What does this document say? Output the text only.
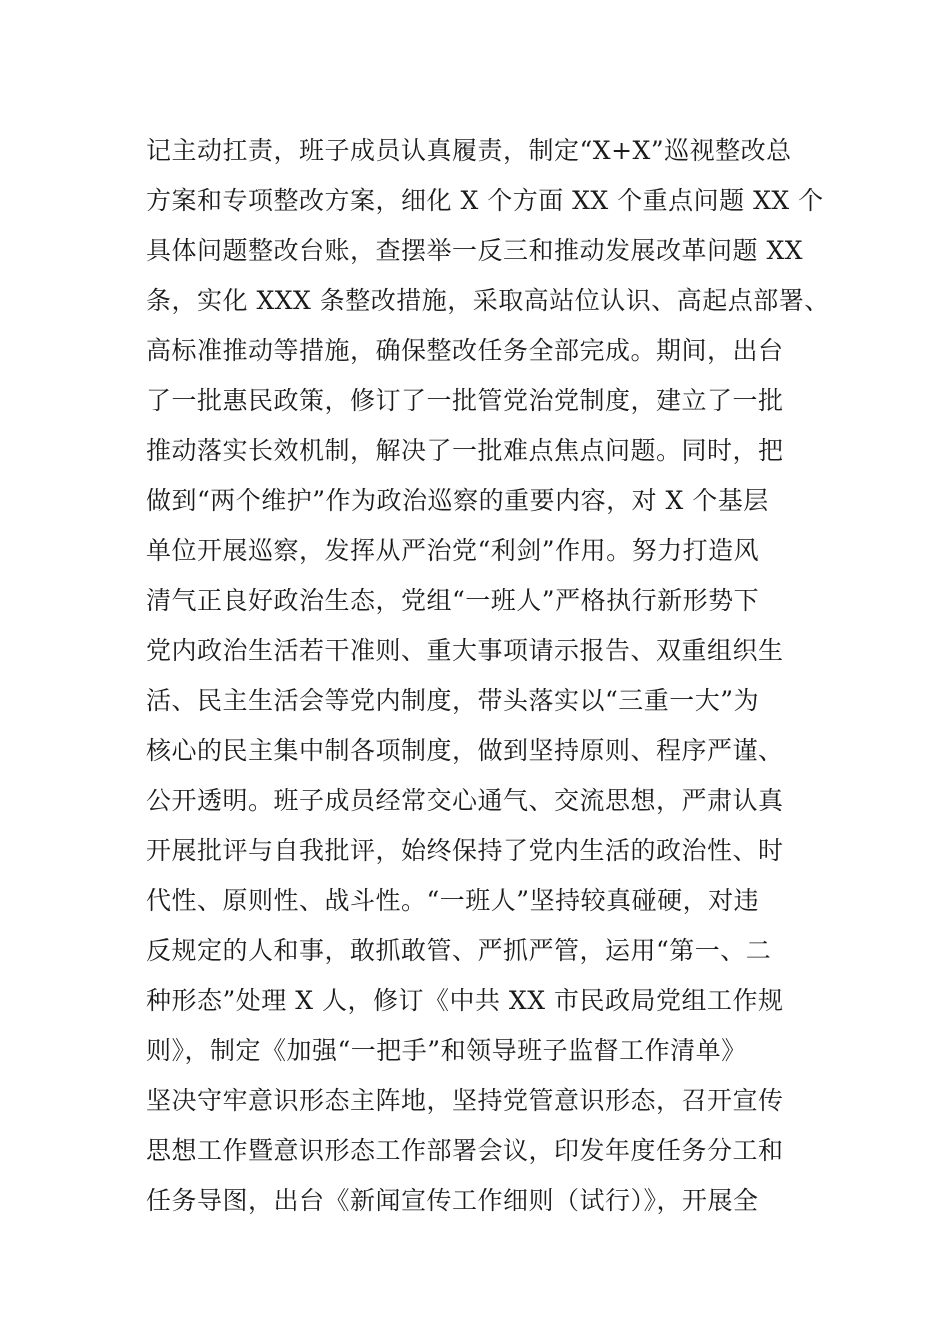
记主动扛责，班子成员认真履责，制定“X+X”巡视整改总
方案和专项整改方案，细化 X 个方面 XX 个重点问题 XX 个
具体问题整改台账，查摆举一反三和推动发展改革问题 XX
条，实化 XXX 条整改措施，采取高站位认识、高起点部署、
高标准推动等措施，确保整改任务全部完成。期间，出台
了一批惠民政策，修订了一批管党治党制度，建立了一批
推动落实长效机制，解决了一批难点焦点问题。同时，把
做到“两个维护”作为政治巡察的重要内容，对 X 个基层
单位开展巡察，发挥从严治党“利剑”作用。努力打造风
清气正良好政治生态，党组“一班人”严格执行新形势下
党内政治生活若干准则、重大事项请示报告、双重组织生
活、民主生活会等党内制度，带头落实以“三重一大”为
核心的民主集中制各项制度，做到坚持原则、程序严谨、
公开透明。班子成员经常交心通气、交流思想，严肃认真
开展批评与自我批评，始终保持了党内生活的政治性、时
代性、原则性、战斗性。“一班人”坚持较真碰硬，对违
反规定的人和事，敢抓敢管、严抓严管，运用“第一、二
种形态”处理 X 人，修订《中共 XX 市民政局党组工作规
则》，制定《加强“一把手”和领导班子监督工作清单》
坚决守牢意识形态主阵地，坚持党管意识形态，召开宣传
思想工作暨意识形态工作部署会议，印发年度任务分工和
任务导图，出台《新闻宣传工作细则（试行）》，开展全
